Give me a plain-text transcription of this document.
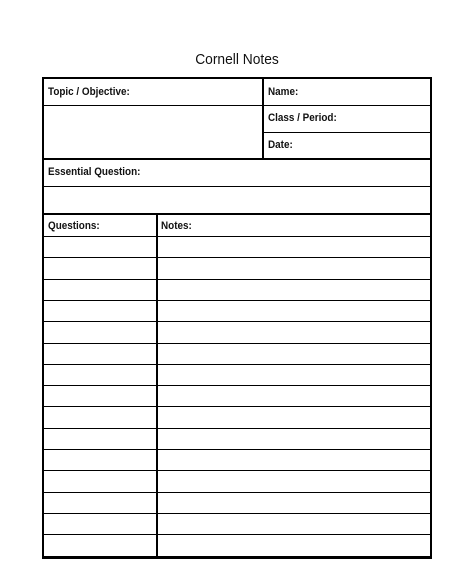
Cornell Notes
Topic / Objective:	Name:
Class / Period:
Date:
Essential Question:
Questions:	Notes:
